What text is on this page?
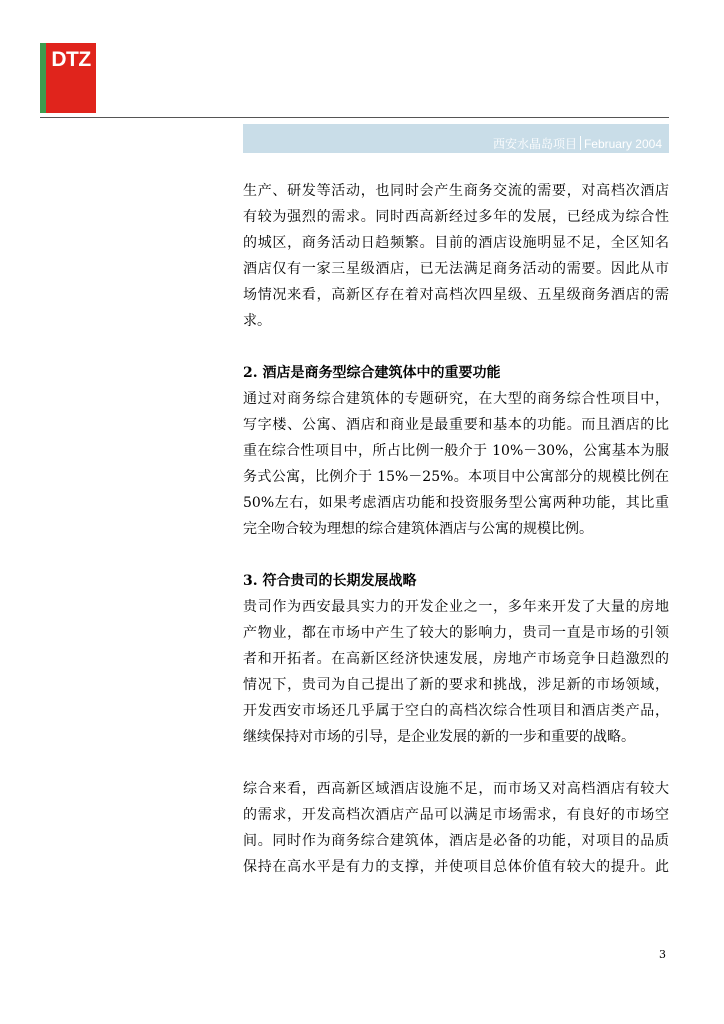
DTZ
西安水晶岛项目 February 2004
生产、研发等活动，也同时会产生商务交流的需要，对高档次酒店
有较为强烈的需求。同时西高新经过多年的发展，已经成为综合性
的城区，商务活动日趋频繁。目前的酒店设施明显不足，全区知名
酒店仅有一家三星级酒店，已无法满足商务活动的需要。因此从市
场情况来看，高新区存在着对高档次四星级、五星级商务酒店的需
求。
2. 酒店是商务型综合建筑体中的重要功能
通过对商务综合建筑体的专题研究，在大型的商务综合性项目中，
写字楼、公寓、酒店和商业是最重要和基本的功能。而且酒店的比
重在综合性项目中，所占比例一般介于 10%－30%，公寓基本为服
务式公寓，比例介于 15%－25%。本项目中公寓部分的规模比例在
50%左右，如果考虑酒店功能和投资服务型公寓两种功能，其比重
完全吻合较为理想的综合建筑体酒店与公寓的规模比例。
3. 符合贵司的长期发展战略
贵司作为西安最具实力的开发企业之一，多年来开发了大量的房地
产物业，都在市场中产生了较大的影响力，贵司一直是市场的引领
者和开拓者。在高新区经济快速发展，房地产市场竞争日趋激烈的
情况下，贵司为自己提出了新的要求和挑战，涉足新的市场领域，
开发西安市场还几乎属于空白的高档次综合性项目和酒店类产品，
继续保持对市场的引导，是企业发展的新的一步和重要的战略。
综合来看，西高新区域酒店设施不足，而市场又对高档酒店有较大
的需求，开发高档次酒店产品可以满足市场需求，有良好的市场空
间。同时作为商务综合建筑体，酒店是必备的功能，对项目的品质
保持在高水平是有力的支撑，并使项目总体价值有较大的提升。此
3
